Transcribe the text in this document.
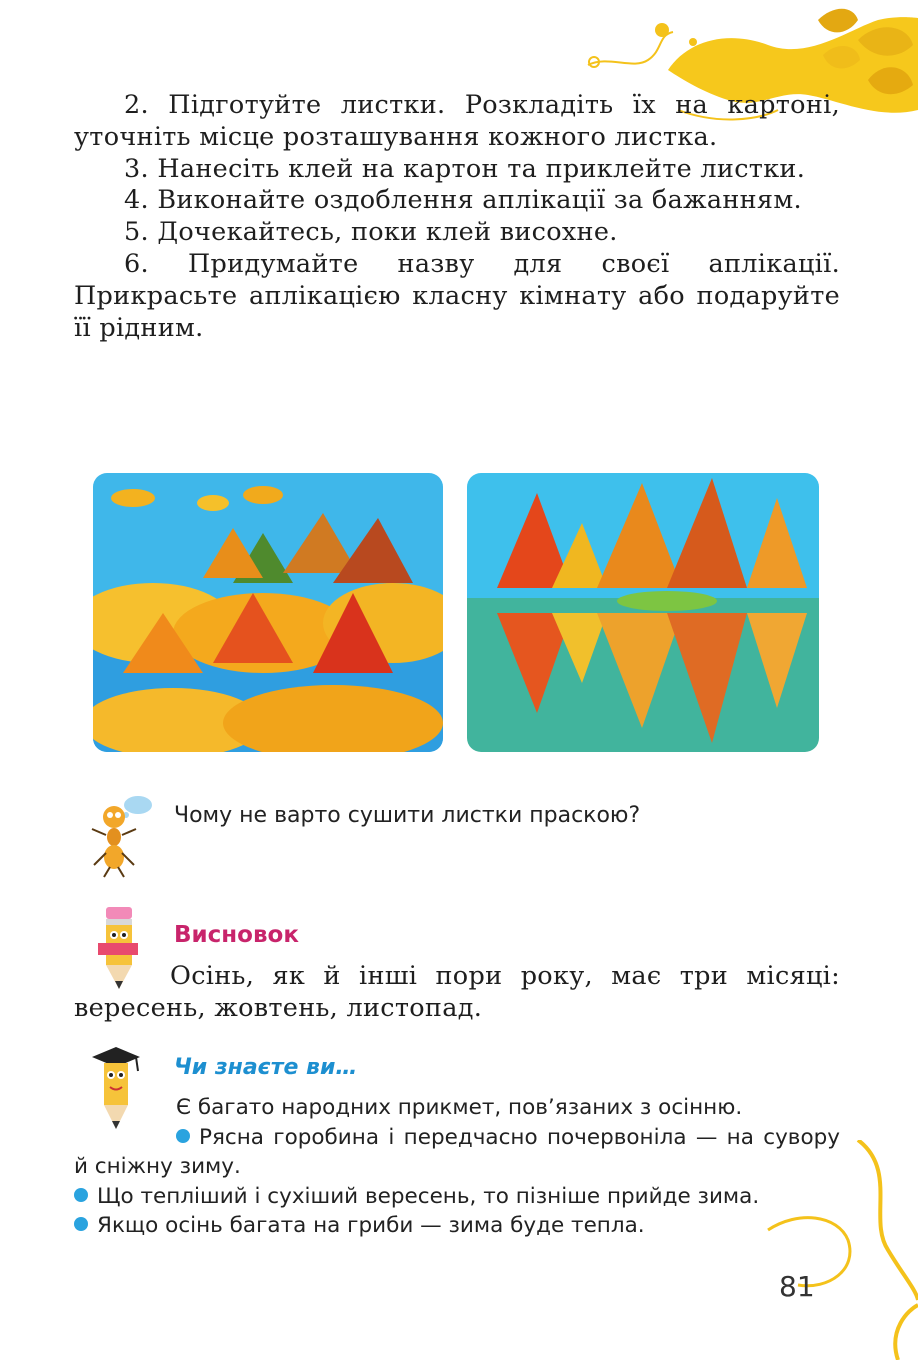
2. Підготуйте листки. Розкладіть їх на картоні, уточніть місце розташування кожного листка.

3. Нанесіть клей на картон та приклейте листки.

4. Виконайте оздоблення аплікації за бажанням.

5. Дочекайтесь, поки клей висохне.

6. Придумайте назву для своєї аплікації. Прикрасьте аплікацією класну кімнату або подаруйте її рідним.

Чому не варто сушити листки праскою?
Висновок

Осінь, як й інші пори року, має три місяці: вересень, жовтень, листопад.

Чи знаєте ви…

Є багато народних прикмет, пов’язаних з осінню.

Рясна горобина і передчасно почервоніла — на сувору й сніжну зиму.

Що тепліший і сухіший вересень, то пізніше прийде зима.

Якщо осінь багата на гриби — зима буде тепла.

81
